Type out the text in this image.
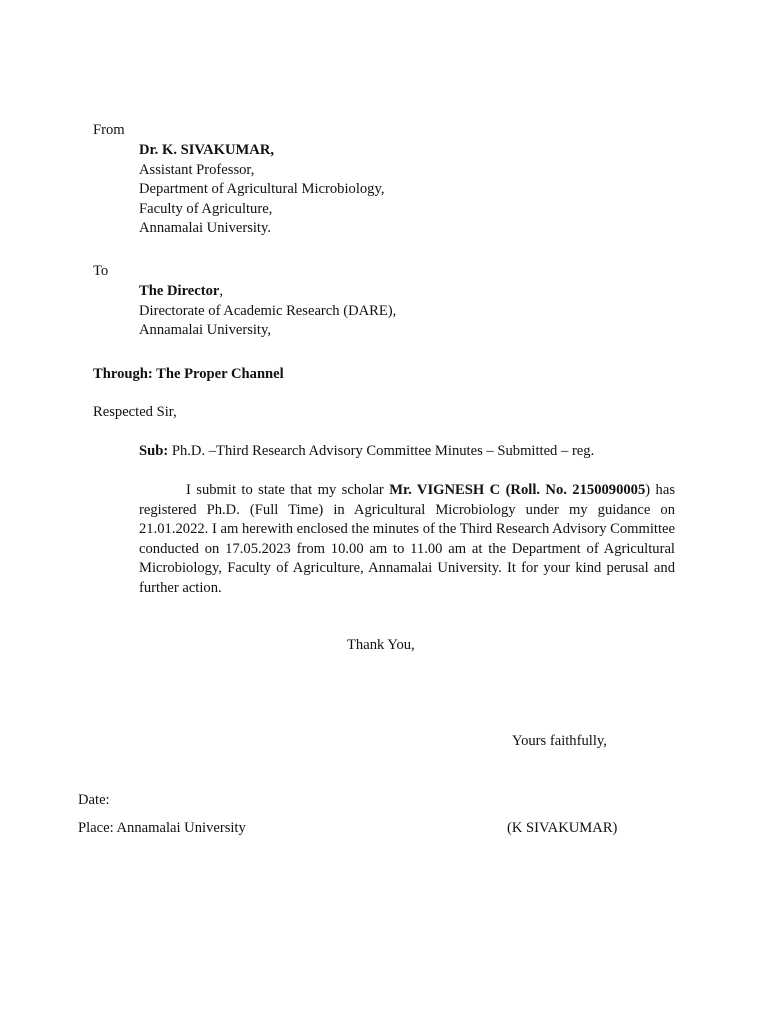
From
Dr. K. SIVAKUMAR,
Assistant Professor,
Department of Agricultural Microbiology,
Faculty of Agriculture,
Annamalai University.
To
The Director,
Directorate of Academic Research (DARE),
Annamalai University,
Through: The Proper Channel
Respected Sir,
Sub: Ph.D. –Third Research Advisory Committee Minutes – Submitted – reg.
I submit to state that my scholar Mr. VIGNESH C (Roll. No. 2150090005) has registered Ph.D. (Full Time) in Agricultural Microbiology under my guidance on 21.01.2022. I am herewith enclosed the minutes of the Third Research Advisory Committee conducted on 17.05.2023 from 10.00 am to 11.00 am at the Department of Agricultural Microbiology, Faculty of Agriculture, Annamalai University. It for your kind perusal and further action.
Thank You,
Yours faithfully,
Date:
Place: Annamalai University	(K SIVAKUMAR)
